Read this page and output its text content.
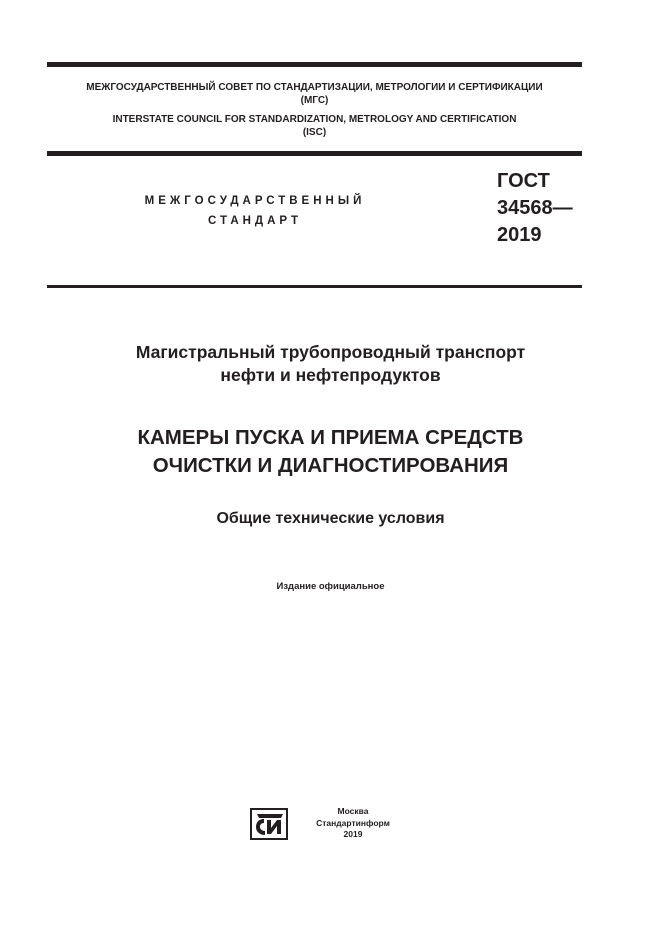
МЕЖГОСУДАРСТВЕННЫЙ СОВЕТ ПО СТАНДАРТИЗАЦИИ, МЕТРОЛОГИИ И СЕРТИФИКАЦИИ
(МГС)
INTERSTATE COUNCIL FOR STANDARDIZATION, METROLOGY AND CERTIFICATION
(ISC)
МЕЖГОСУДАРСТВЕННЫЙ
СТАНДАРТ
ГОСТ
34568—
2019
Магистральный трубопроводный транспорт
нефти и нефтепродуктов
КАМЕРЫ ПУСКА И ПРИЕМА СРЕДСТВ
ОЧИСТКИ И ДИАГНОСТИРОВАНИЯ
Общие технические условия
Издание официальное
Москва
Стандартинформ
2019
